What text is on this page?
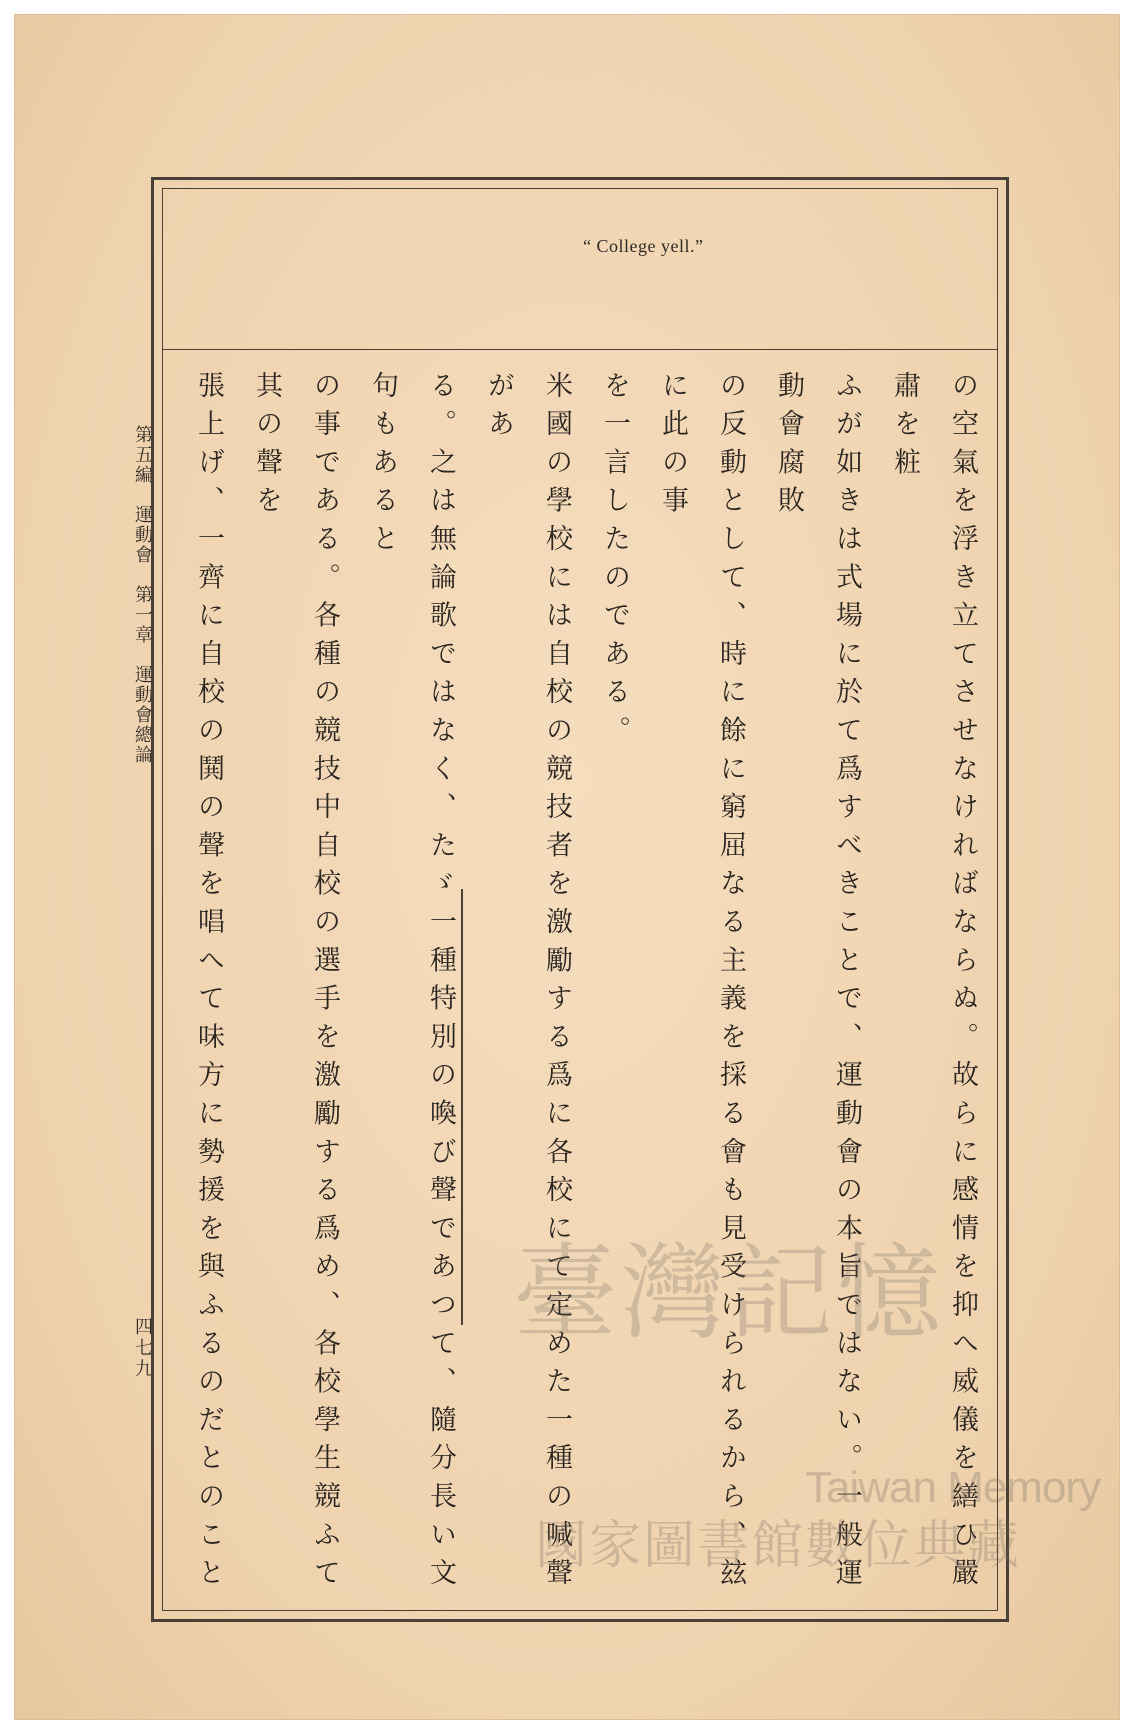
第五編　運動會　第一章　運動會總論
四七九
“ College yell.”

の空氣を浮き立てさせなければならぬ。故らに感情を抑へ威儀を繕ひ嚴肅を粧

ふが如きは式場に於て爲すべきことで、運動會の本旨ではない。一般運動會腐敗

の反動として、時に餘に窮屈なる主義を採る會も見受けられるから、玆に此の事

を一言したのである。

米國の學校には自校の競技者を激勵する爲に各校にて定めた一種の喊聲があ

る。之は無論歌ではなく、たゞ一種特別の喚び聲であつて、隨分長い文句もあると

の事である。各種の競技中自校の選手を激勵する爲め、各校學生競ふて其の聲を

張上げ、一齊に自校の鬨の聲を唱へて味方に勢援を與ふるのだとのこと

臺灣記憶
Taiwan Memory
國家圖書館數位典藏
